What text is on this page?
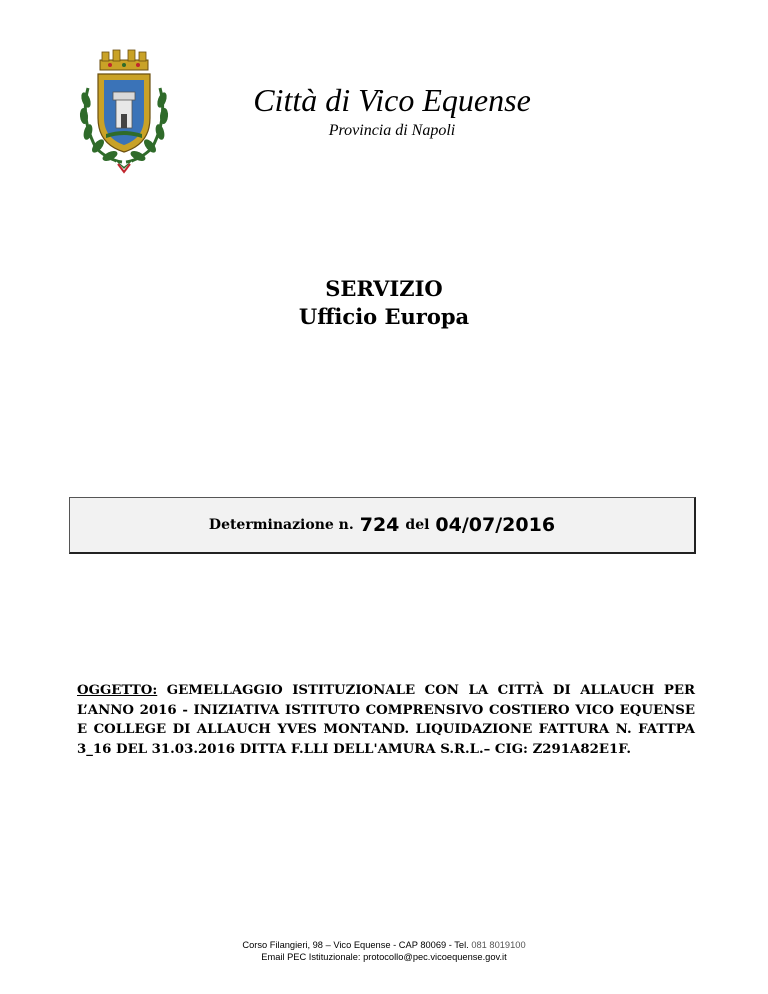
Città di Vico Equense
Provincia di Napoli
SERVIZIO
Ufficio Europa
Determinazione n. 724 del 04/07/2016
OGGETTO: GEMELLAGGIO ISTITUZIONALE CON LA CITTÀ DI ALLAUCH PER L’ANNO 2016 - INIZIATIVA ISTITUTO COMPRENSIVO COSTIERO VICO EQUENSE E COLLEGE DI ALLAUCH YVES MONTAND. LIQUIDAZIONE FATTURA N. FATTPA 3_16 DEL 31.03.2016 DITTA F.LLI DELL'AMURA S.R.L.– CIG: Z291A82E1F.
Corso Filangieri, 98 – Vico Equense - CAP 80069 - Tel. 081 8019100
Email PEC Istituzionale: protocollo@pec.vicoequense.gov.it
